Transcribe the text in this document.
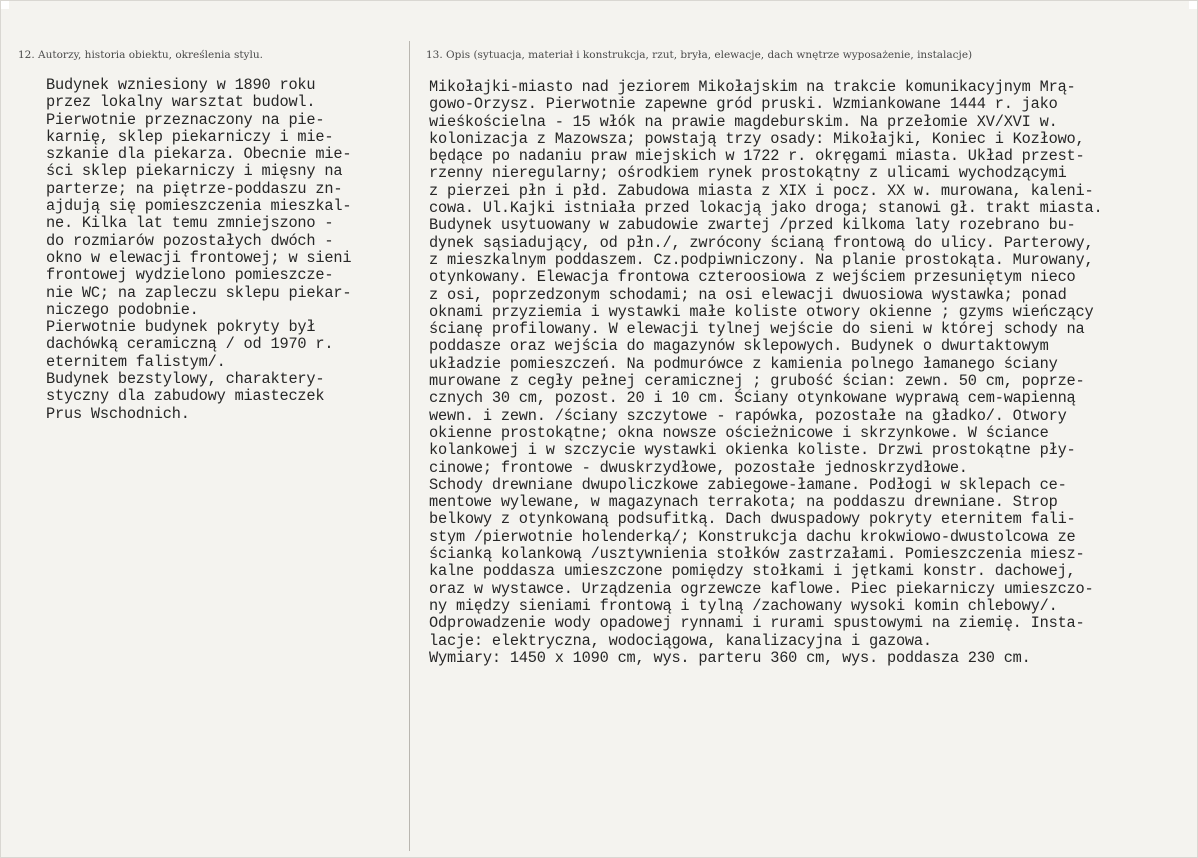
12. Autorzy, historia obiektu, określenia stylu.	13. Opis (sytuacja, materiał i konstrukcja, rzut, bryła, elewacje, dach wnętrze wyposażenie, instalacje)
Budynek wzniesiony w 1890 roku
przez lokalny warsztat budowl.
Pierwotnie przeznaczony na pie-
karnię, sklep piekarniczy i mie-
szkanie dla piekarza. Obecnie mie-
ści sklep piekarniczy i mięsny na
parterze; na piętrze-poddaszu zn-
ajdują się pomieszczenia mieszkal-
ne. Kilka lat temu zmniejszono -
do rozmiarów pozostałych dwóch -
okno w elewacji frontowej; w sieni
frontowej wydzielono pomieszcze-
nie WC; na zapleczu sklepu piekar-
niczego podobnie.
Pierwotnie budynek pokryty był
dachówką ceramiczną / od 1970 r.
eternitem falistym/.
Budynek bezstylowy, charaktery-
styczny dla zabudowy miasteczek
Prus Wschodnich.
Mikołajki-miasto nad jeziorem Mikołajskim na trakcie komunikacyjnym Mrą-
gowo-Orzysz. Pierwotnie zapewne gród pruski. Wzmiankowane 1444 r. jako
wieśkościelna - 15 włók na prawie magdeburskim. Na przełomie XV/XVI w.
kolonizacja z Mazowsza; powstają trzy osady: Mikołajki, Koniec i Kozłowo,
będące po nadaniu praw miejskich w 1722 r. okręgami miasta. Układ przest-
rzenny nieregularny; ośrodkiem rynek prostokątny z ulicami wychodzącymi
z pierzei płn i płd. Zabudowa miasta z XIX i pocz. XX w. murowana, kaleni-
cowa. Ul.Kajki istniała przed lokacją jako droga; stanowi gł. trakt miasta.
Budynek usytuowany w zabudowie zwartej /przed kilkoma laty rozebrano bu-
dynek sąsiadujący, od płn./, zwrócony ścianą frontową do ulicy. Parterowy,
z mieszkalnym poddaszem. Cz.podpiwniczony. Na planie prostokąta. Murowany,
otynkowany. Elewacja frontowa czteroosiowa z wejściem przesuniętym nieco
z osi, poprzedzonym schodami; na osi elewacji dwuosiowa wystawka; ponad
oknami przyziemia i wystawki małe koliste otwory okienne ; gzyms wieńczący
ścianę profilowany. W elewacji tylnej wejście do sieni w której schody na
poddasze oraz wejścia do magazynów sklepowych. Budynek o dwurtaktowym
układzie pomieszczeń. Na podmurówce z kamienia polnego łamanego ściany
murowane z cegły pełnej ceramicznej ; grubość ścian: zewn. 50 cm, poprze-
cznych 30 cm, pozost. 20 i 10 cm. Ściany otynkowane wyprawą cem-wapienną
wewn. i zewn. /ściany szczytowe - rapówka, pozostałe na gładko/. Otwory
okienne prostokątne; okna nowsze ościeżnicowe i skrzynkowe. W ściance
kolankowej i w szczycie wystawki okienka koliste. Drzwi prostokątne pły-
cinowe; frontowe - dwuskrzydłowe, pozostałe jednoskrzydłowe.
Schody drewniane dwupoliczkowe zabiegowe-łamane. Podłogi w sklepach ce-
mentowe wylewane, w magazynach terrakota; na poddaszu drewniane. Strop
belkowy z otynkowaną podsufitką. Dach dwuspadowy pokryty eternitem fali-
stym /pierwotnie holenderką/; Konstrukcja dachu krokwiowo-dwustolcowa ze
ścianką kolankową /usztywnienia stołków zastrzałami. Pomieszczenia miesz-
kalne poddasza umieszczone pomiędzy stołkami i jętkami konstr. dachowej,
oraz w wystawce. Urządzenia ogrzewcze kaflowe. Piec piekarniczy umieszczo-
ny między sieniami frontową i tylną /zachowany wysoki komin chlebowy/.
Odprowadzenie wody opadowej rynnami i rurami spustowymi na ziemię. Insta-
lacje: elektryczna, wodociągowa, kanalizacyjna i gazowa.
Wymiary: 1450 x 1090 cm, wys. parteru 360 cm, wys. poddasza 230 cm.
